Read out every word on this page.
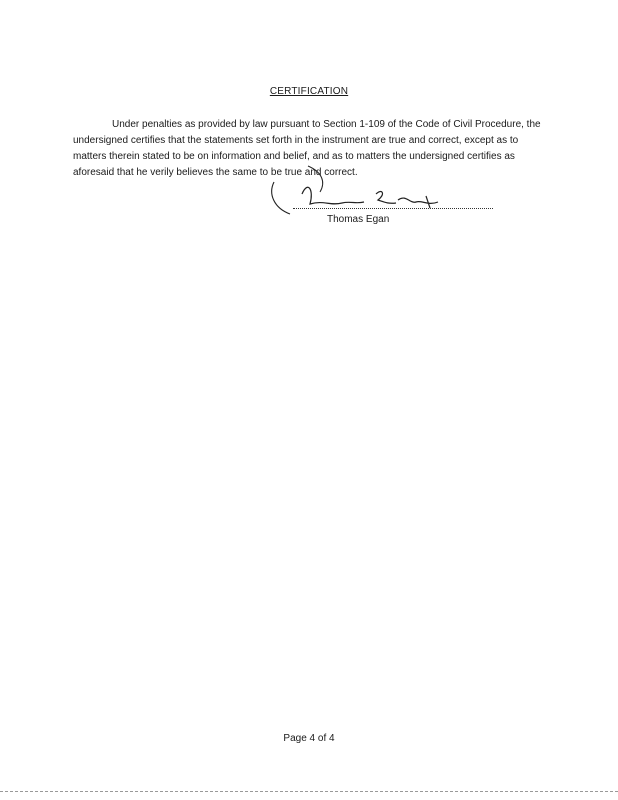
CERTIFICATION

Under penalties as provided by law pursuant to Section 1-109 of the Code of Civil Procedure, the undersigned certifies that the statements set forth in the instrument are true and correct, except as to matters therein stated to be on information and belief, and as to matters the undersigned certifies as aforesaid that he verily believes the same to be true and correct.

Thomas Egan
Page 4 of 4
